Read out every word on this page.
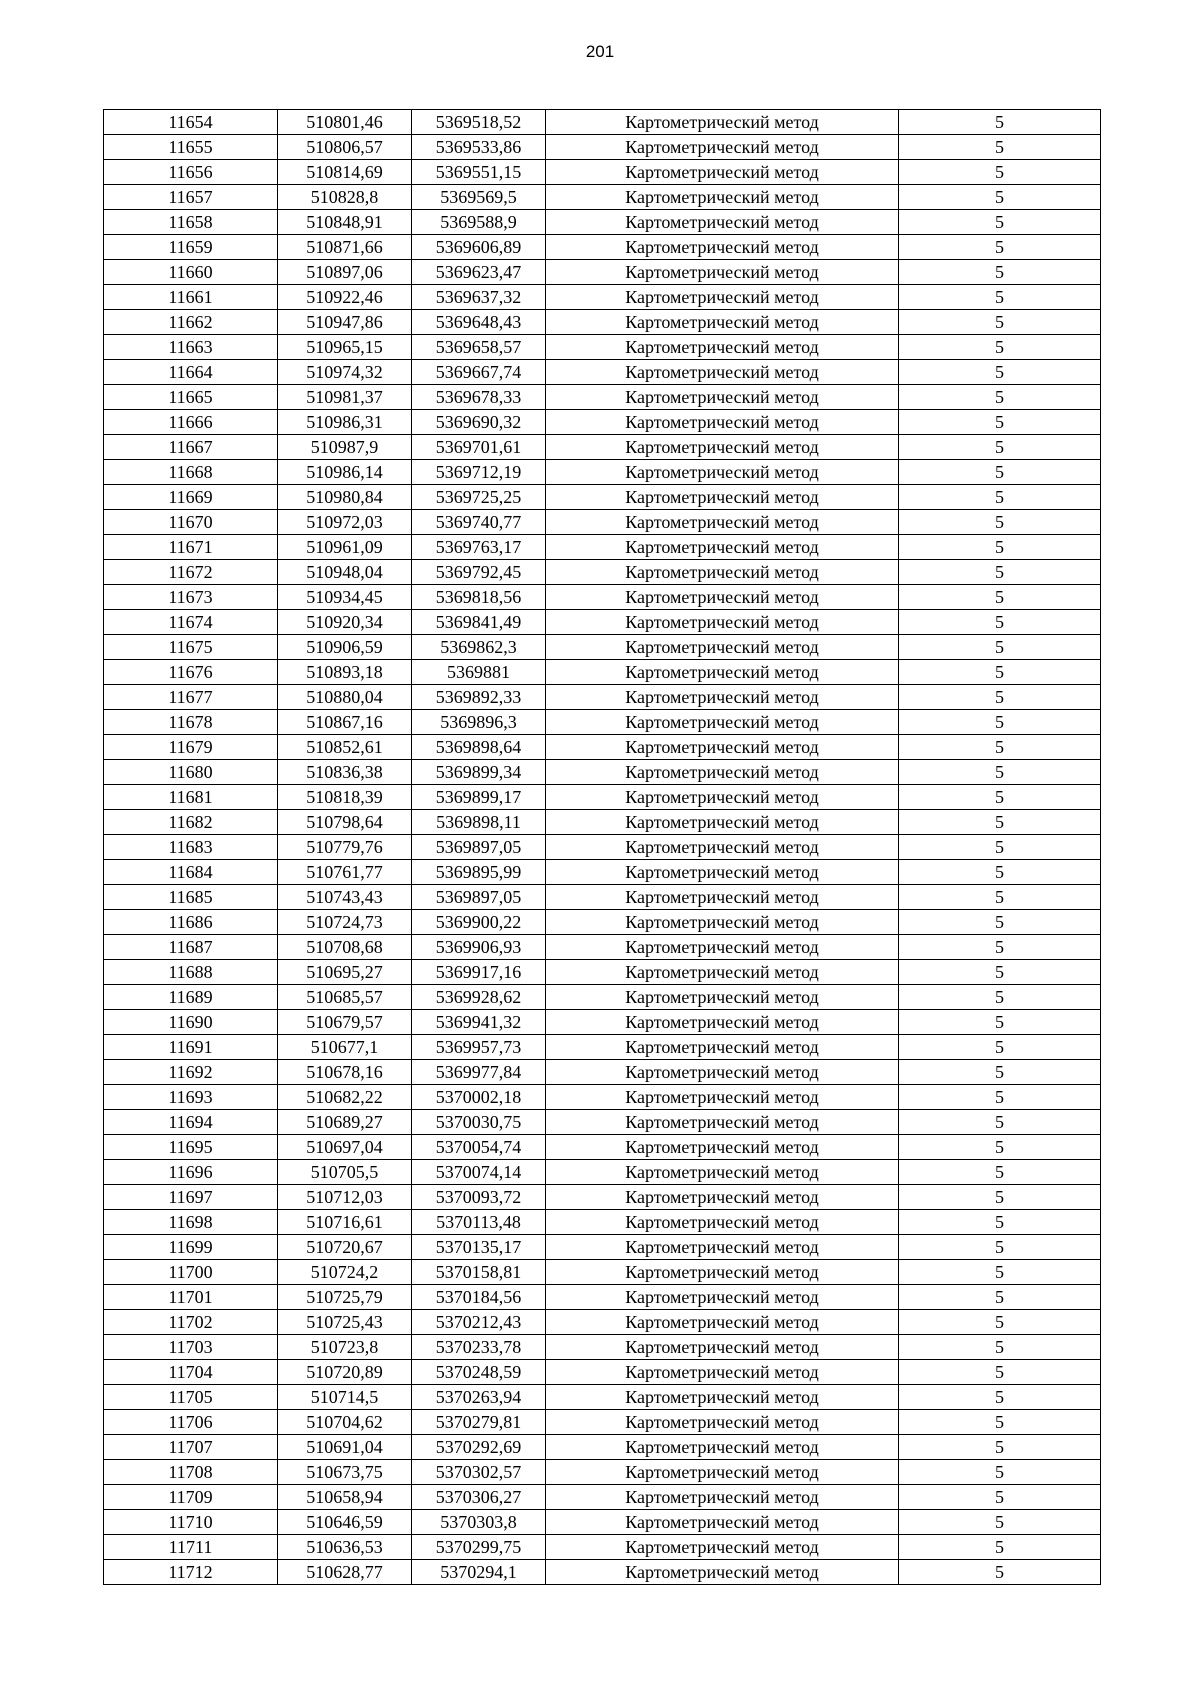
201
11654	510801,46	5369518,52	Картометрический метод	5
11655	510806,57	5369533,86	Картометрический метод	5
11656	510814,69	5369551,15	Картометрический метод	5
11657	510828,8	5369569,5	Картометрический метод	5
11658	510848,91	5369588,9	Картометрический метод	5
11659	510871,66	5369606,89	Картометрический метод	5
11660	510897,06	5369623,47	Картометрический метод	5
11661	510922,46	5369637,32	Картометрический метод	5
11662	510947,86	5369648,43	Картометрический метод	5
11663	510965,15	5369658,57	Картометрический метод	5
11664	510974,32	5369667,74	Картометрический метод	5
11665	510981,37	5369678,33	Картометрический метод	5
11666	510986,31	5369690,32	Картометрический метод	5
11667	510987,9	5369701,61	Картометрический метод	5
11668	510986,14	5369712,19	Картометрический метод	5
11669	510980,84	5369725,25	Картометрический метод	5
11670	510972,03	5369740,77	Картометрический метод	5
11671	510961,09	5369763,17	Картометрический метод	5
11672	510948,04	5369792,45	Картометрический метод	5
11673	510934,45	5369818,56	Картометрический метод	5
11674	510920,34	5369841,49	Картометрический метод	5
11675	510906,59	5369862,3	Картометрический метод	5
11676	510893,18	5369881	Картометрический метод	5
11677	510880,04	5369892,33	Картометрический метод	5
11678	510867,16	5369896,3	Картометрический метод	5
11679	510852,61	5369898,64	Картометрический метод	5
11680	510836,38	5369899,34	Картометрический метод	5
11681	510818,39	5369899,17	Картометрический метод	5
11682	510798,64	5369898,11	Картометрический метод	5
11683	510779,76	5369897,05	Картометрический метод	5
11684	510761,77	5369895,99	Картометрический метод	5
11685	510743,43	5369897,05	Картометрический метод	5
11686	510724,73	5369900,22	Картометрический метод	5
11687	510708,68	5369906,93	Картометрический метод	5
11688	510695,27	5369917,16	Картометрический метод	5
11689	510685,57	5369928,62	Картометрический метод	5
11690	510679,57	5369941,32	Картометрический метод	5
11691	510677,1	5369957,73	Картометрический метод	5
11692	510678,16	5369977,84	Картометрический метод	5
11693	510682,22	5370002,18	Картометрический метод	5
11694	510689,27	5370030,75	Картометрический метод	5
11695	510697,04	5370054,74	Картометрический метод	5
11696	510705,5	5370074,14	Картометрический метод	5
11697	510712,03	5370093,72	Картометрический метод	5
11698	510716,61	5370113,48	Картометрический метод	5
11699	510720,67	5370135,17	Картометрический метод	5
11700	510724,2	5370158,81	Картометрический метод	5
11701	510725,79	5370184,56	Картометрический метод	5
11702	510725,43	5370212,43	Картометрический метод	5
11703	510723,8	5370233,78	Картометрический метод	5
11704	510720,89	5370248,59	Картометрический метод	5
11705	510714,5	5370263,94	Картометрический метод	5
11706	510704,62	5370279,81	Картометрический метод	5
11707	510691,04	5370292,69	Картометрический метод	5
11708	510673,75	5370302,57	Картометрический метод	5
11709	510658,94	5370306,27	Картометрический метод	5
11710	510646,59	5370303,8	Картометрический метод	5
11711	510636,53	5370299,75	Картометрический метод	5
11712	510628,77	5370294,1	Картометрический метод	5
